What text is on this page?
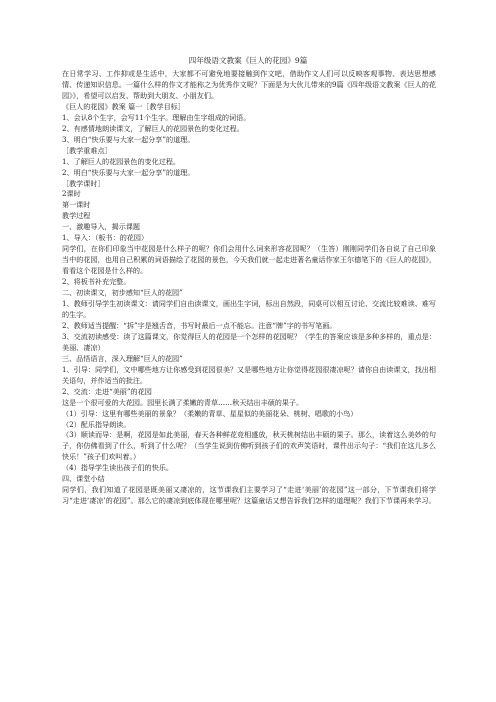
四年级语文教案《巨人的花园》9篇

在日常学习、工作抑或是生活中，大家都不可避免地要接触到作文吧，借助作文人们可以反映客观事物、表达思想感情、传递知识信息。一篇什么样的作文才能称之为优秀作文呢？下面是为大伙儿带来的9篇《四年级语文教案《巨人的花园》》，希望可以启发、帮助到大朋友、小朋友们。

《巨人的花园》教案 篇一［教学目标］

1、会认8个生字，会写11个生字。理解由生字组成的词语。

2、有感情地朗读课文，了解巨人的花园景色的变化过程。

3、明白“快乐要与大家一起分享”的道理。

［教学重难点］

1、了解巨人的花园景色的变化过程。

2、明白“快乐要与大家一起分享”的道理。

［教学课时］

2课时

第一课时

教学过程

一、激趣导入，揭示课题

1、导入：（板书：的花园）

同学们，在你们印象当中花园是什么样子的呢？你们会用什么词来形容花园呢？（生答）刚刚同学们各自说了自己印象当中的花园，也用自己积累的词语描绘了花园的景色，今天我们就一起走进著名童话作家王尔德笔下的《巨人的花园》，看看这个花园是什么样的。

2、将板书补充完整。

二、初读课文，初步感知“巨人的花园”

1、教师引导学生初读课文：请同学们自由读课文，画出生字词，标出自然段，同桌可以相互讨论、交流比较难读、难写的生字。

2、教师适当提醒：“拆”字是翘舌音，书写时最后一点不能忘。注意“牌”字的书写笔画。

3、交流初读感受：读了这篇课文，你觉得巨人的花园是一个怎样的花园呢？（学生的答案应该是多种多样的，重点是：美丽、凄凉）

三、品悟语言，深入理解“巨人的花园”

1、引导：同学们，文中哪些地方让你感受到花园很美？又是哪些地方让你觉得花园很凄凉呢？请你自由读课文，找出相关语句，并作适当的批注。

2、交流：走进“美丽”的花园

这是一个很可爱的大花园。园里长满了柔嫩的青草……秋天结出丰硕的果子。

（1）引导：这里有哪些美丽的景象？（柔嫩的青草、星星似的美丽花朵、桃树、唱歌的小鸟）

（2）配乐指导朗读。

（3）顺读而导：是啊，花园是如此美丽，春天各种鲜花竞相盛放，秋天桃树结出丰硕的果子。那么，读着这么美妙的句子，你仿佛看到了什么，听到了什么呢？（当学生说到仿佛听到孩子们的欢声笑语时，课件出示句子：“我们在这儿多么快乐！”孩子们欢叫着。）

（4）指导学生读出孩子们的快乐。

四、课堂小结

同学们，我们知道了花园是既美丽又凄凉的，这节课我们主要学习了“走进‘美丽’的花园”这一部分，下节课我们将学习“走进‘凄凉’的花园”。那么它的凄凉到底体现在哪里呢？这篇童话又想告诉我们怎样的道理呢？我们下节课再来学习。
